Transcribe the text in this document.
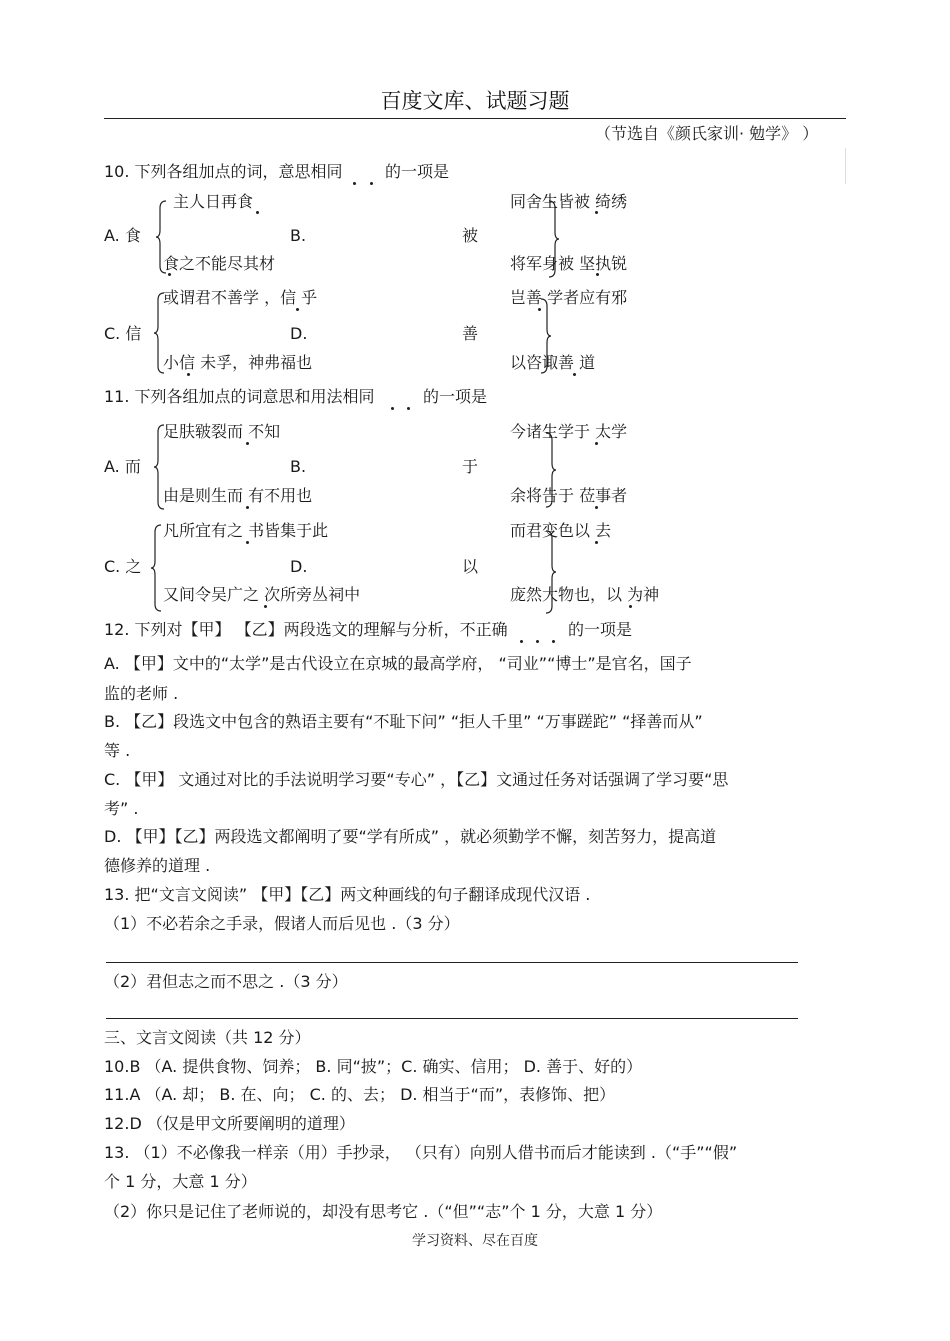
百度文库、试题习题
（节选自《颜氏家训· 勉学》 ）
10. 下列各组加点的词，意思相同	的一项是
A. 食
主人日再食
食之不能尽其材
B.	被
同舍生皆被 绮绣
将军身被 坚执锐
C. 信
或谓君不善学 ，信 乎
小信 未孚，神弗福也
D.	善
岂善 学者应有邪
以咨诹善 道
11. 下列各组加点的词意思和用法相同	的一项是
A. 而
足肤皲裂而 不知
由是则生而 有不用也
B.	于
今诸生学于 太学
余将告于 莅事者
C. 之
凡所宜有之 书皆集于此
又间令吴广之 次所旁丛祠中
D.	以
而君变色以 去
庞然大物也，以 为神
12. 下列对【甲】 【乙】两段选文的理解与分析，不正确	的一项是
A. 【甲】文中的“太学”是古代设立在京城的最高学府， “司业”“博士”是官名，国子
监的老师 .
B. 【乙】段选文中包含的熟语主要有“不耻下问” “拒人千里” “万事蹉跎” “择善而从”
等 .
C. 【甲】 文通过对比的手法说明学习要“专心” ，【乙】文通过任务对话强调了学习要“思
考” .
D. 【甲】【乙】两段选文都阐明了要“学有所成” ，就必须勤学不懈，刻苦努力，提高道
德修养的道理 .
13. 把“文言文阅读” 【甲】【乙】两文种画线的句子翻译成现代汉语 .
（1）不必若余之手录，假诸人而后见也 .（3 分）
（2）君但志之而不思之 .（3 分）
三、文言文阅读（共 12 分）
10.B （A. 提供食物、饲养； B. 同“披”；C. 确实、信用； D. 善于、好的）
11.A （A. 却； B. 在、向； C. 的、去； D. 相当于“而”，表修饰、把）
12.D （仅是甲文所要阐明的道理）
13. （1）不必像我一样亲（用）手抄录， （只有）向别人借书而后才能读到 .（“手”“假”
个 1 分，大意 1 分）
（2）你只是记住了老师说的，却没有思考它 .（“但”“志”个 1 分，大意 1 分）
学习资料、尽在百度
